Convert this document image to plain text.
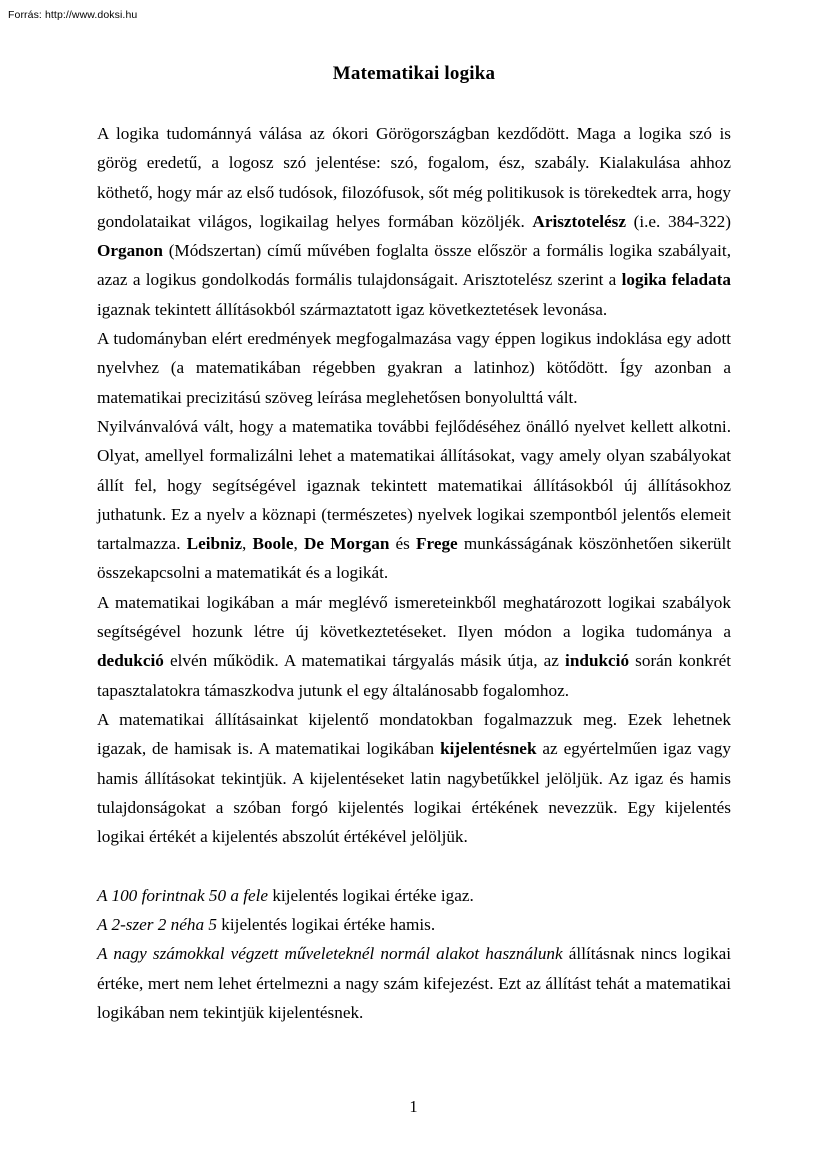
Forrás: http://www.doksi.hu
Matematikai logika

A logika tudománnyá válása az ókori Görögországban kezdődött. Maga a logika szó is görög eredetű, a logosz szó jelentése: szó, fogalom, ész, szabály. Kialakulása ahhoz köthető, hogy már az első tudósok, filozófusok, sőt még politikusok is törekedtek arra, hogy gondolataikat világos, logikailag helyes formában közöljék. Arisztotelész (i.e. 384-322) Organon (Módszertan) című művében foglalta össze először a formális logika szabályait, azaz a logikus gondolkodás formális tulajdonságait. Arisztotelész szerint a logika feladata igaznak tekintett állításokból származtatott igaz következtetések levonása.

A tudományban elért eredmények megfogalmazása vagy éppen logikus indoklása egy adott nyelvhez (a matematikában régebben gyakran a latinhoz) kötődött. Így azonban a matematikai precizitású szöveg leírása meglehetősen bonyolulttá vált.

Nyilvánvalóvá vált, hogy a matematika további fejlődéséhez önálló nyelvet kellett alkotni. Olyat, amellyel formalizálni lehet a matematikai állításokat, vagy amely olyan szabályokat állít fel, hogy segítségével igaznak tekintett matematikai állításokból új állításokhoz juthatunk. Ez a nyelv a köznapi (természetes) nyelvek logikai szempontból jelentős elemeit tartalmazza. Leibniz, Boole, De Morgan és Frege munkásságának köszönhetően sikerült összekapcsolni a matematikát és a logikát.

A matematikai logikában a már meglévő ismereteinkből meghatározott logikai szabályok segítségével hozunk létre új következtetéseket. Ilyen módon a logika tudománya a dedukció elvén működik. A matematikai tárgyalás másik útja, az indukció során konkrét tapasztalatokra támaszkodva jutunk el egy általánosabb fogalomhoz.

A matematikai állításainkat kijelentő mondatokban fogalmazzuk meg. Ezek lehetnek igazak, de hamisak is. A matematikai logikában kijelentésnek az egyértelműen igaz vagy hamis állításokat tekintjük. A kijelentéseket latin nagybetűkkel jelöljük. Az igaz és hamis tulajdonságokat a szóban forgó kijelentés logikai értékének nevezzük. Egy kijelentés logikai értékét a kijelentés abszolút értékével jelöljük.

A 100 forintnak 50 a fele kijelentés logikai értéke igaz.

A 2-szer 2 néha 5 kijelentés logikai értéke hamis.

A nagy számokkal végzett műveleteknél normál alakot használunk állításnak nincs logikai értéke, mert nem lehet értelmezni a nagy szám kifejezést. Ezt az állítást tehát a matematikai logikában nem tekintjük kijelentésnek.

1
